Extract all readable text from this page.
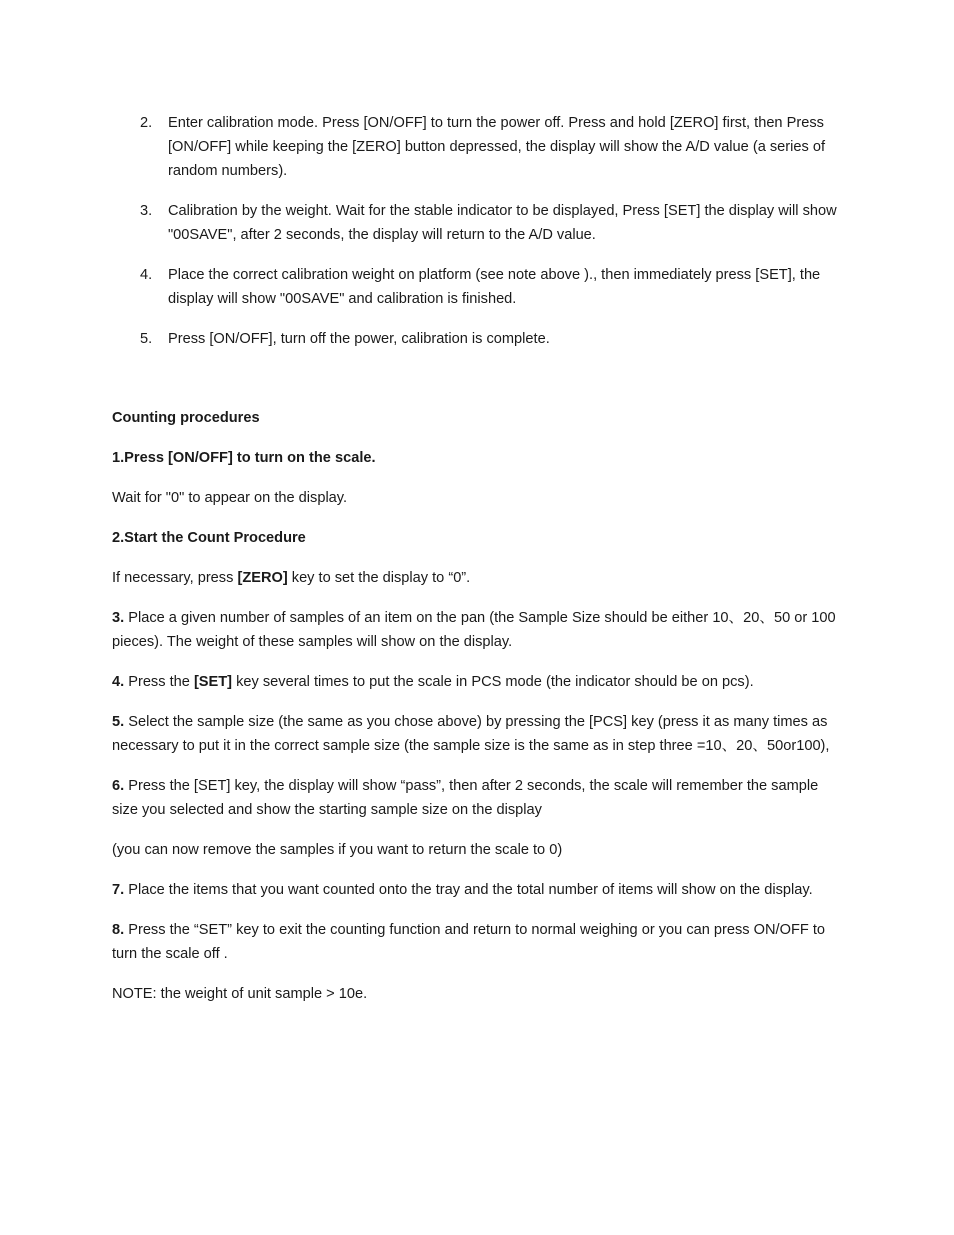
2.	Enter calibration mode. Press [ON/OFF] to turn the power off. Press and hold [ZERO] first, then Press [ON/OFF] while keeping the [ZERO] button depressed, the display will show the A/D value (a series of random numbers).
3.	Calibration by the weight. Wait for the stable indicator to be displayed, Press [SET] the display will show "00SAVE", after 2 seconds, the display will return to the A/D value.
4.	Place the correct calibration weight on platform (see note above )., then immediately press [SET], the display will show "00SAVE" and calibration is finished.
5.	Press [ON/OFF], turn off the power, calibration is complete.

Counting procedures

1.Press [ON/OFF] to turn on the scale.

Wait for "0" to appear on the display.

2.Start the Count Procedure

If necessary, press [ZERO] key to set the display to “0”.

3. Place a given number of samples of an item on the pan (the Sample Size should be either 10、20、50 or 100 pieces). The weight of these samples will show on the display.

4. Press the [SET] key several times to put the scale in PCS mode (the indicator should be on pcs).

5. Select the sample size (the same as you chose above) by pressing the [PCS] key (press it as many times as necessary to put it in the correct sample size (the sample size is the same as in step three =10、20、50or100),

6. Press the [SET] key, the display will show “pass”, then after 2 seconds, the scale will remember the sample size you selected and show the starting sample size on the display

(you can now remove the samples if you want to return the scale to 0)

7. Place the items that you want counted onto the tray and the total number of items will show on the display.

8. Press the “SET” key to exit the counting function and return to normal weighing or you can press ON/OFF to turn the scale off .

NOTE: the weight of unit sample > 10e.
